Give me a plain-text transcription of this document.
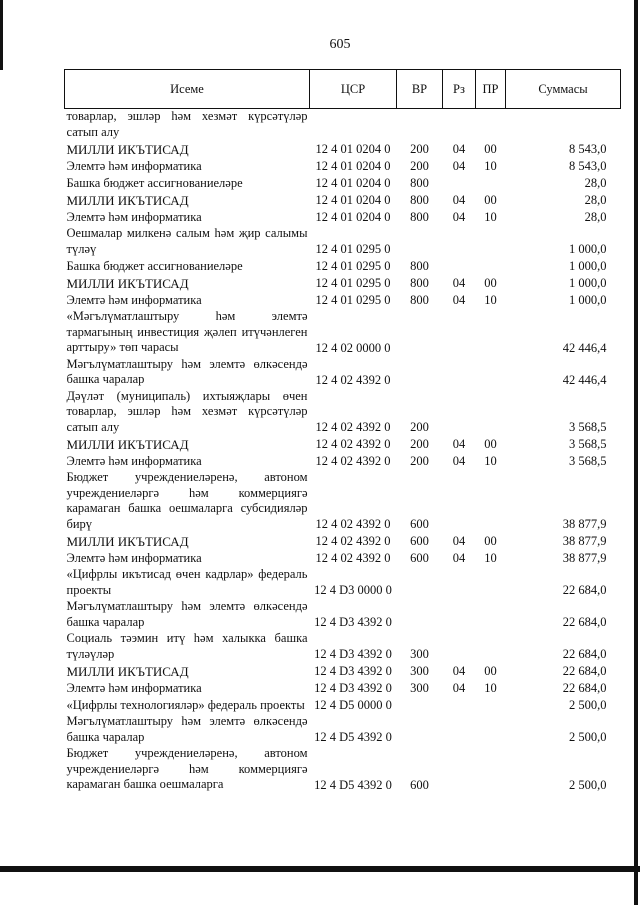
605
Исеме	ЦСР	ВР	Рз	ПР	Суммасы
товарлар, эшләр һәм хезмәт күрсәтүләр сатып алу					
МИЛЛИ ИКЪТИСАД	12 4 01 0204 0	200	04	00	8 543,0
Элемтә һәм информатика	12 4 01 0204 0	200	04	10	8 543,0
Башка бюджет ассигнованиеләре	12 4 01 0204 0	800			28,0
МИЛЛИ ИКЪТИСАД	12 4 01 0204 0	800	04	00	28,0
Элемтә һәм информатика	12 4 01 0204 0	800	04	10	28,0
Оешмалар милкенә салым һәм җир салымы түләү	12 4 01 0295 0				1 000,0
Башка бюджет ассигнованиеләре	12 4 01 0295 0	800			1 000,0
МИЛЛИ ИКЪТИСАД	12 4 01 0295 0	800	04	00	1 000,0
Элемтә һәм информатика	12 4 01 0295 0	800	04	10	1 000,0
«Мәгълүматлаштыру һәм элемтә тармагының инвестиция җәлеп итүчәнлеген арттыру» төп чарасы	12 4 02 0000 0				42 446,4
Мәгълүматлаштыру һәм элемтә өлкәсендә башка чаралар	12 4 02 4392 0				42 446,4
Дәүләт (муниципаль) ихтыяҗлары өчен товарлар, эшләр һәм хезмәт күрсәтүләр сатып алу	12 4 02 4392 0	200			3 568,5
МИЛЛИ ИКЪТИСАД	12 4 02 4392 0	200	04	00	3 568,5
Элемтә һәм информатика	12 4 02 4392 0	200	04	10	3 568,5
Бюджет учреждениеләренә, автоном учреждениеләргә һәм коммерциягә карамаган башка оешмаларга субсидияләр бирү	12 4 02 4392 0	600			38 877,9
МИЛЛИ ИКЪТИСАД	12 4 02 4392 0	600	04	00	38 877,9
Элемтә һәм информатика	12 4 02 4392 0	600	04	10	38 877,9
«Цифрлы икътисад өчен кадрлар» федераль проекты	12 4 D3 0000 0				22 684,0
Мәгълүматлаштыру һәм элемтә өлкәсендә башка чаралар	12 4 D3 4392 0				22 684,0
Социаль тәэмин итү һәм халыкка башка түләүләр	12 4 D3 4392 0	300			22 684,0
МИЛЛИ ИКЪТИСАД	12 4 D3 4392 0	300	04	00	22 684,0
Элемтә һәм информатика	12 4 D3 4392 0	300	04	10	22 684,0
«Цифрлы технологияләр» федераль проекты	12 4 D5 0000 0				2 500,0
Мәгълүматлаштыру һәм элемтә өлкәсендә башка чаралар	12 4 D5 4392 0				2 500,0
Бюджет учреждениеләренә, автоном учреждениеләргә һәм коммерциягә карамаган башка оешмаларга	12 4 D5 4392 0	600			2 500,0
